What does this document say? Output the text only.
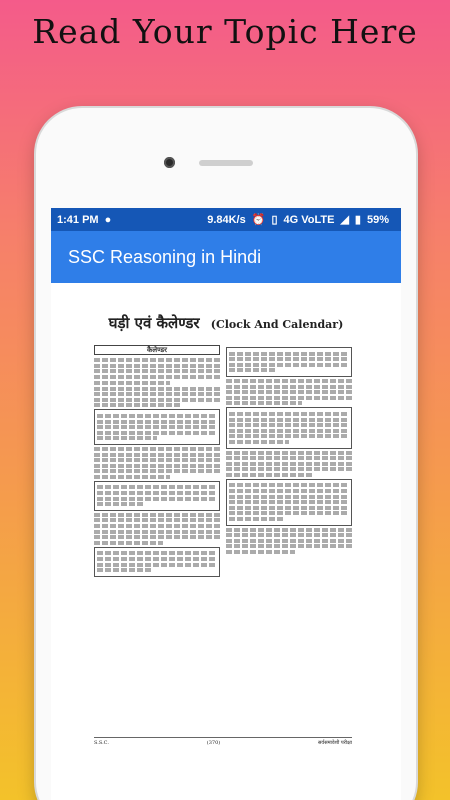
Read Your Topic Here
1:41 PM ●	9.84K/s ⏰ ▯ 4G VoLTE ◢ ▮ 59%
SSC Reasoning in Hindi
घड़ी एवं कैलेण्डर (Clock And Calendar)
कैलेण्डर
S.S.C.	(370)	सर्वसमावेशी परीक्षा
